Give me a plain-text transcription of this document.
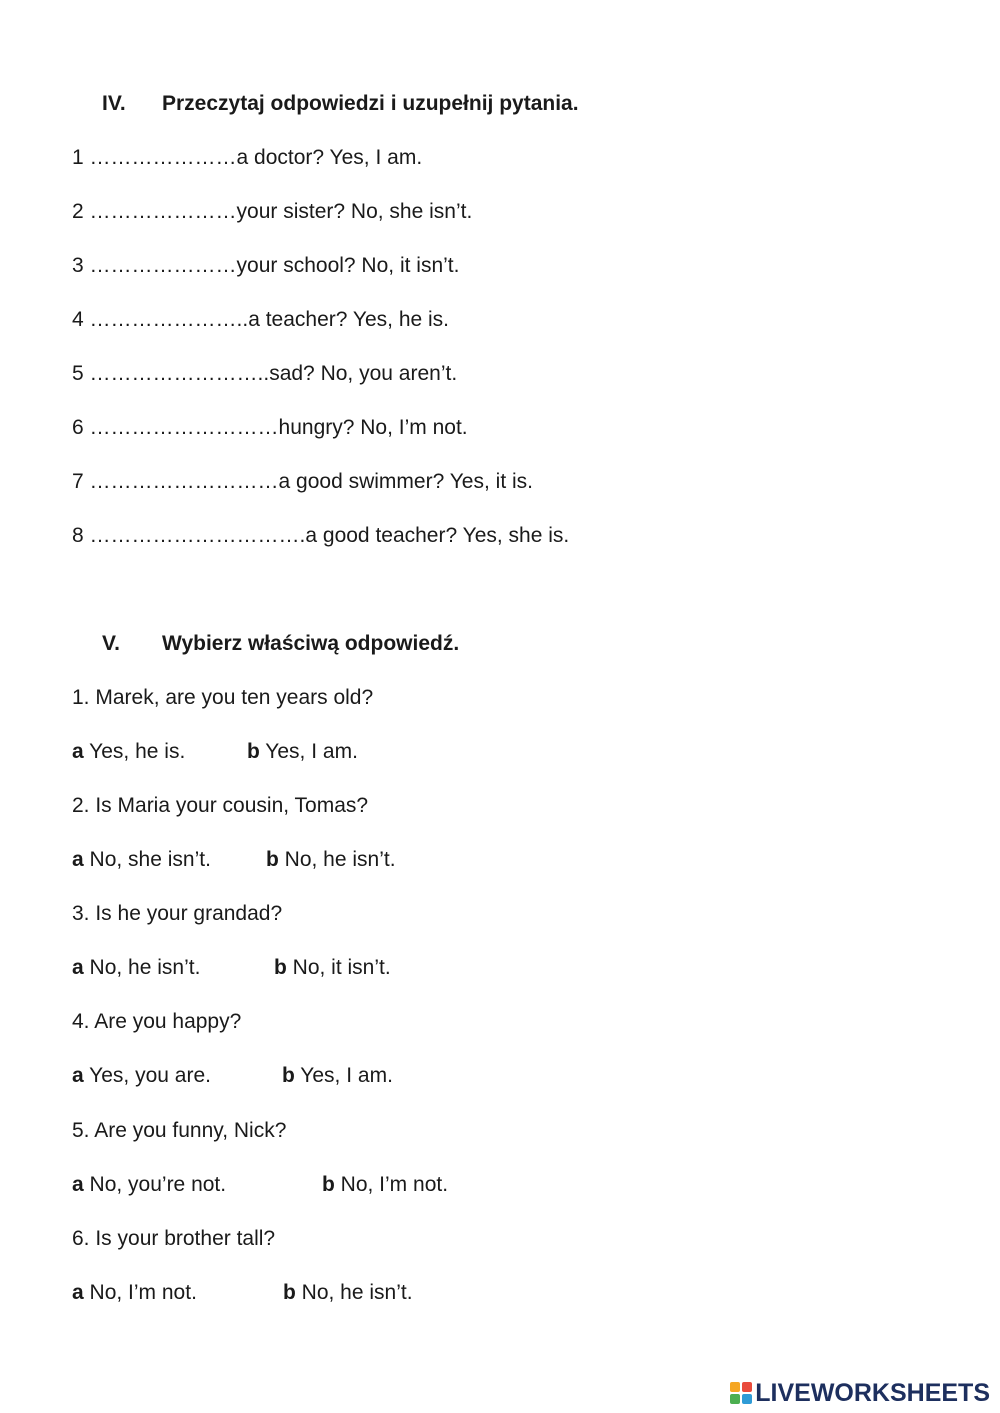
IV. Przeczytaj odpowiedzi i uzupełnij pytania.
1 …………………a doctor? Yes, I am.
2 …………………your sister? No, she isn’t.
3 …………………your school? No, it isn’t.
4 …………………..a teacher? Yes, he is.
5 ……………………..sad? No, you aren’t.
6 ………………………hungry? No, I’m not.
7 ………………………a good swimmer? Yes, it is.
8 ………………………….a good teacher? Yes, she is.
V. Wybierz właściwą odpowiedź.
1. Marek, are you ten years old?
a Yes, he is.	b Yes, I am.
2. Is Maria your cousin, Tomas?
a No, she isn’t.	b No, he isn’t.
3. Is he your grandad?
a No, he isn’t.	b No, it isn’t.
4. Are you happy?
a Yes, you are.	b Yes, I am.
5. Are you funny, Nick?
a No, you’re not.	b No, I’m not.
6. Is your brother tall?
a No, I’m not.	b No, he isn’t.
LIVEWORKSHEETS
